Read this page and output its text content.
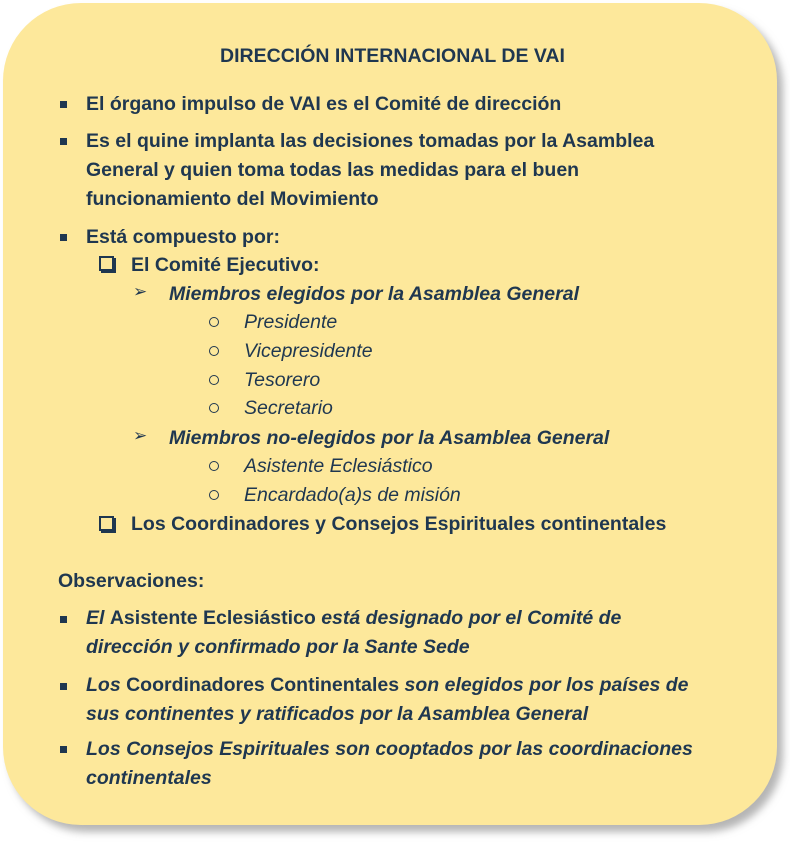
DIRECCIÓN INTERNACIONAL DE VAI
El órgano impulso de VAI es el Comité de dirección
Es el quine implanta las decisiones tomadas por la Asamblea
General y quien toma todas las medidas para el buen
funcionamiento del Movimiento
Está compuesto por:
El Comité Ejecutivo:
➢ Miembros elegidos por la Asamblea General
Presidente
Vicepresidente
Tesorero
Secretario
➢ Miembros no-elegidos por la Asamblea General
Asistente Eclesiástico
Encardado(a)s de misión
Los Coordinadores y Consejos Espirituales continentales
Observaciones:
El Asistente Eclesiástico está designado por el Comité de
dirección y confirmado por la Sante Sede
Los Coordinadores Continentales son elegidos por los países de
sus continentes y ratificados por la Asamblea General
Los Consejos Espirituales son cooptados por las coordinaciones
continentales
